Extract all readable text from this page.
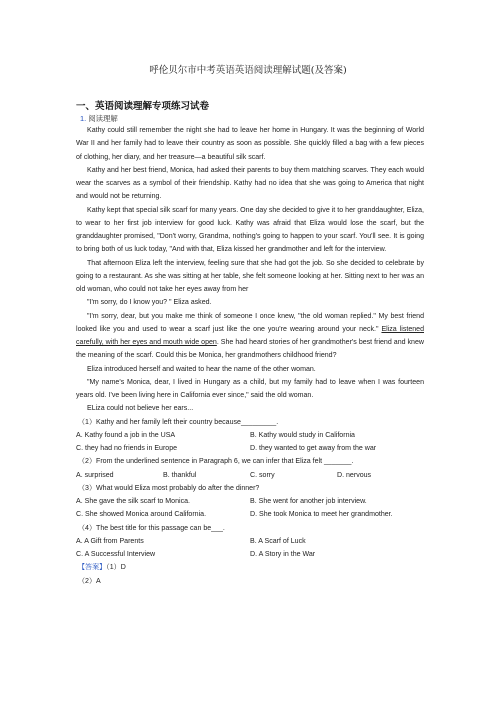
呼伦贝尔市中考英语英语阅读理解试题(及答案)
一、英语阅读理解专项练习试卷
1. 阅读理解

Kathy could still remember the night she had to leave her home in Hungary. It was the beginning of World War II and her family had to leave their country as soon as possible. She quickly filled a bag with a few pieces of clothing, her diary, and her treasure—a beautiful silk scarf.

Kathy and her best friend, Monica, had asked their parents to buy them matching scarves. They each would wear the scarves as a symbol of their friendship. Kathy had no idea that she was going to America that night and would not be returning.

Kathy kept that special silk scarf for many years. One day she decided to give it to her granddaughter, Eliza, to wear to her first job interview for good luck. Kathy was afraid that Eliza would lose the scarf, but the granddaughter promised, "Don't worry, Grandma, nothing's going to happen to your scarf. You'll see. It is going to bring both of us luck today, "And with that, Eliza kissed her grandmother and left for the interview.

That afternoon Eliza left the interview, feeling sure that she had got the job. So she decided to celebrate by going to a restaurant. As she was sitting at her table, she felt someone looking at her. Sitting next to her was an old woman, who could not take her eyes away from her

"I'm sorry, do I know you? " Eliza asked.

"I'm sorry, dear, but you make me think of someone I once knew, "the old woman replied." My best friend looked like you and used to wear a scarf just like the one you're wearing around your neck." Eliza listened carefully, with her eyes and mouth wide open. She had heard stories of her grandmother's best friend and knew the meaning of the scarf. Could this be Monica, her grandmothers childhood friend?

Eliza introduced herself and waited to hear the name of the other woman.

"My name's Monica, dear, I lived in Hungary as a child, but my family had to leave when I was fourteen years old. I've been living here in California ever since," said the old woman.

ELiza could not believe her ears...

（1）Kathy and her family left their country because_________.
A. Kathy found a job in the USA	B. Kathy would study in California
C. they had no friends in Europe	D. they wanted to get away from the war
（2）From the underlined sentence in Paragraph 6, we can infer that Eliza felt _______.
A. surprised	B. thankful	C. sorry	D. nervous
（3）What would Eliza most probably do after the dinner?
A. She gave the silk scarf to Monica.	B. She went for another job interview.
C. She showed Monica around California.	D. She took Monica to meet her grandmother.
（4）The best title for this passage can be___.
A. A Gift from Parents	B. A Scarf of Luck
C. A Successful Interview	D. A Story in the War
【答案】（1）D
（2）A
